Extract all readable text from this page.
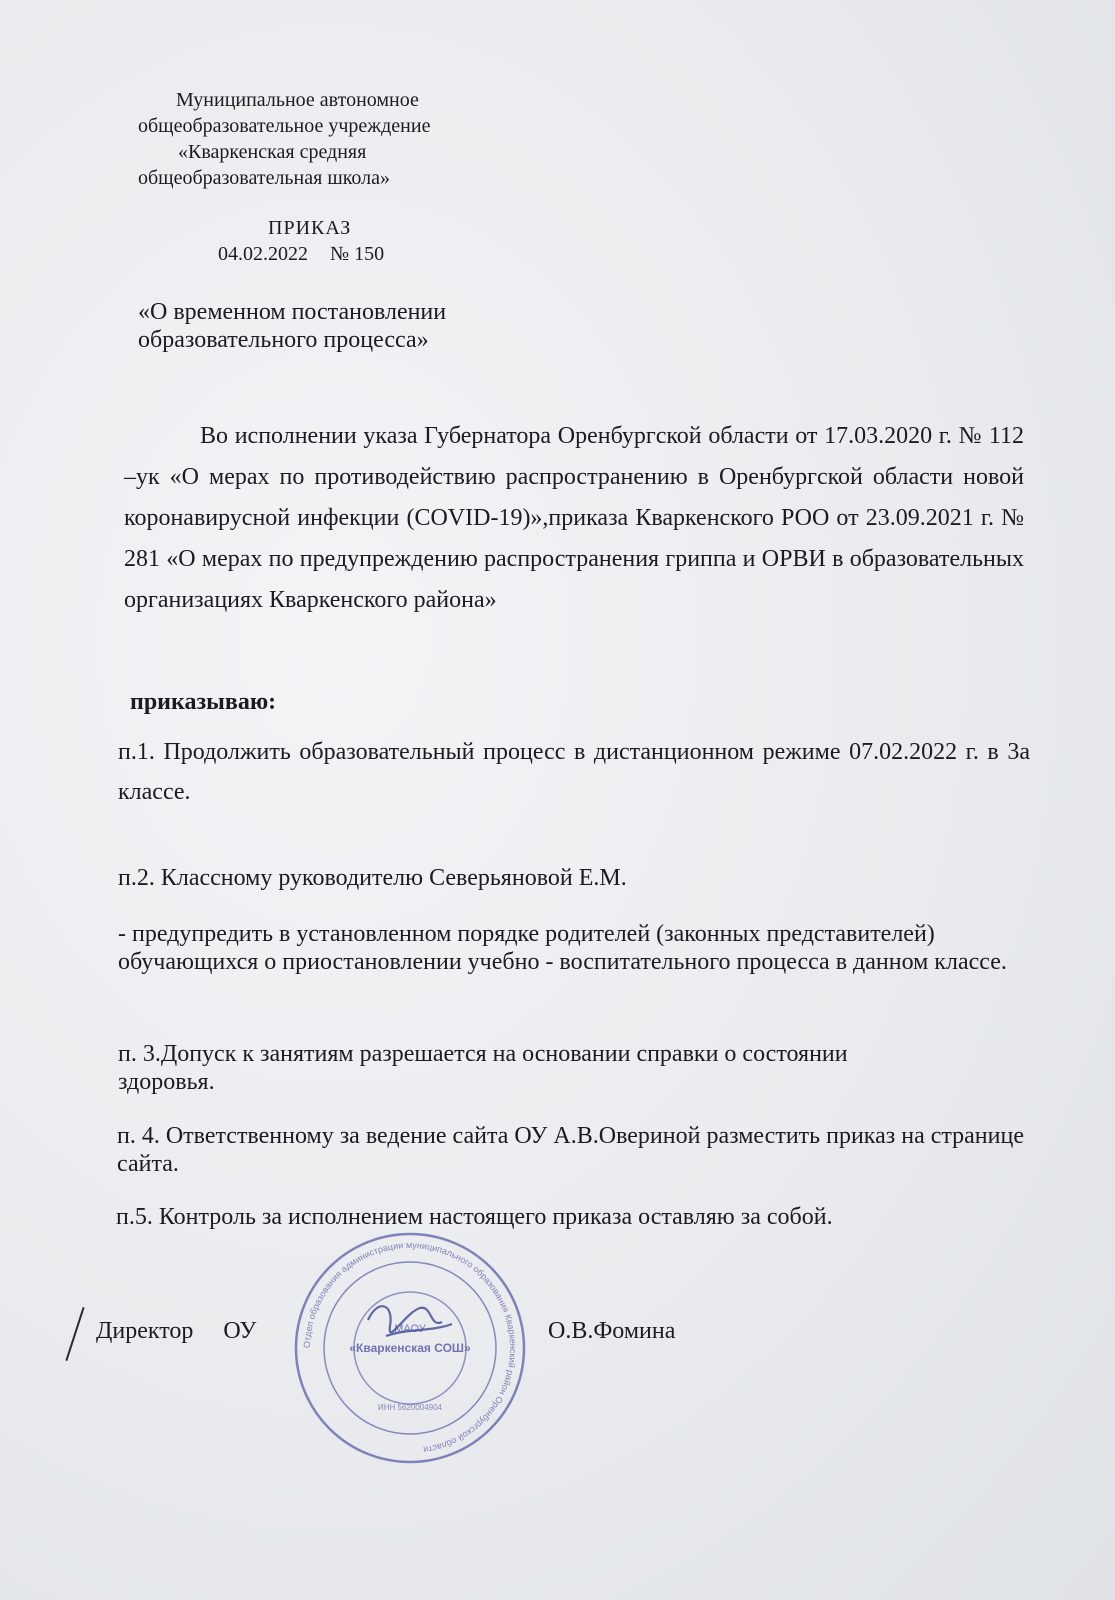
Муниципальное автономное
общеобразовательное учреждение
«Кваркенская средняя
общеобразовательная школа»
ПРИКАЗ
04.02.2022 № 150
«О временном постановлении
образовательного процесса»
Во исполнении указа Губернатора Оренбургской области от 17.03.2020 г. № 112 –ук «О мерах по противодействию распространению в Оренбургской области новой коронавирусной инфекции (COVID-19)»,приказа Кваркенского РОО от 23.09.2021 г. № 281 «О мерах по предупреждению распространения гриппа и ОРВИ в образовательных организациях Кваркенского района»
приказываю:
п.1. Продолжить образовательный процесс в дистанционном режиме 07.02.2022 г. в 3а классе.
п.2. Классному руководителю Северьяновой Е.М.
- предупредить в установленном порядке родителей (законных представителей) обучающихся о приостановлении учебно - воспитательного процесса в данном классе.
п. 3.Допуск к занятиям разрешается на основании справки о состоянии здоровья.
п. 4. Ответственному за ведение сайта ОУ А.В.Овериной разместить приказ на странице сайта.
п.5. Контроль за исполнением настоящего приказа оставляю за собой.
Директор ОУ
Отдел образования администрации муниципального образования Кваркенский район Оренбургской области
МАОУ
«Кваркенская СОШ»
ИНН 5620004904
О.В.Фомина
